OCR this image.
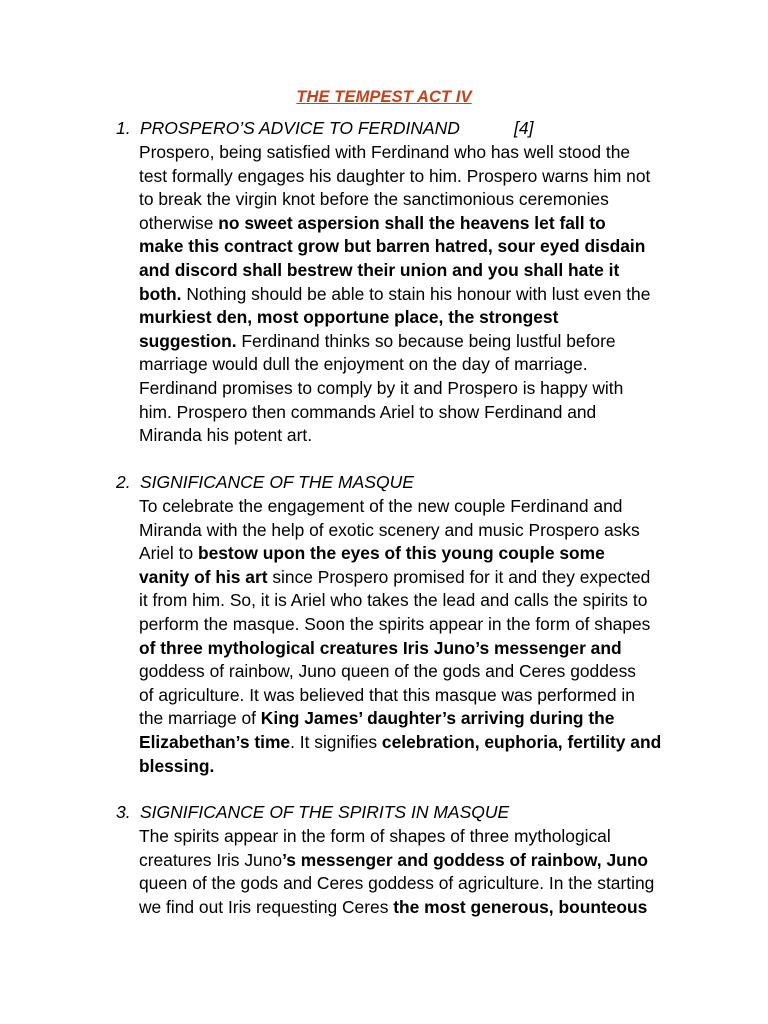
THE TEMPEST ACT IV
1. PROSPERO’S ADVICE TO FERDINAND	[4]
Prospero, being satisfied with Ferdinand who has well stood the
test formally engages his daughter to him. Prospero warns him not
to break the virgin knot before the sanctimonious ceremonies
otherwise no sweet aspersion shall the heavens let fall to
make this contract grow but barren hatred, sour eyed disdain
and discord shall bestrew their union and you shall hate it
both. Nothing should be able to stain his honour with lust even the
murkiest den, most opportune place, the strongest
suggestion. Ferdinand thinks so because being lustful before
marriage would dull the enjoyment on the day of marriage.
Ferdinand promises to comply by it and Prospero is happy with
him. Prospero then commands Ariel to show Ferdinand and
Miranda his potent art.
2. SIGNIFICANCE OF THE MASQUE
To celebrate the engagement of the new couple Ferdinand and
Miranda with the help of exotic scenery and music Prospero asks
Ariel to bestow upon the eyes of this young couple some
vanity of his art since Prospero promised for it and they expected
it from him. So, it is Ariel who takes the lead and calls the spirits to
perform the masque. Soon the spirits appear in the form of shapes
of three mythological creatures Iris Juno’s messenger and
goddess of rainbow, Juno queen of the gods and Ceres goddess
of agriculture. It was believed that this masque was performed in
the marriage of King James’ daughter’s arriving during the
Elizabethan’s time. It signifies celebration, euphoria, fertility and
blessing.
3. SIGNIFICANCE OF THE SPIRITS IN MASQUE
The spirits appear in the form of shapes of three mythological
creatures Iris Juno’s messenger and goddess of rainbow, Juno
queen of the gods and Ceres goddess of agriculture. In the starting
we find out Iris requesting Ceres the most generous, bounteous
